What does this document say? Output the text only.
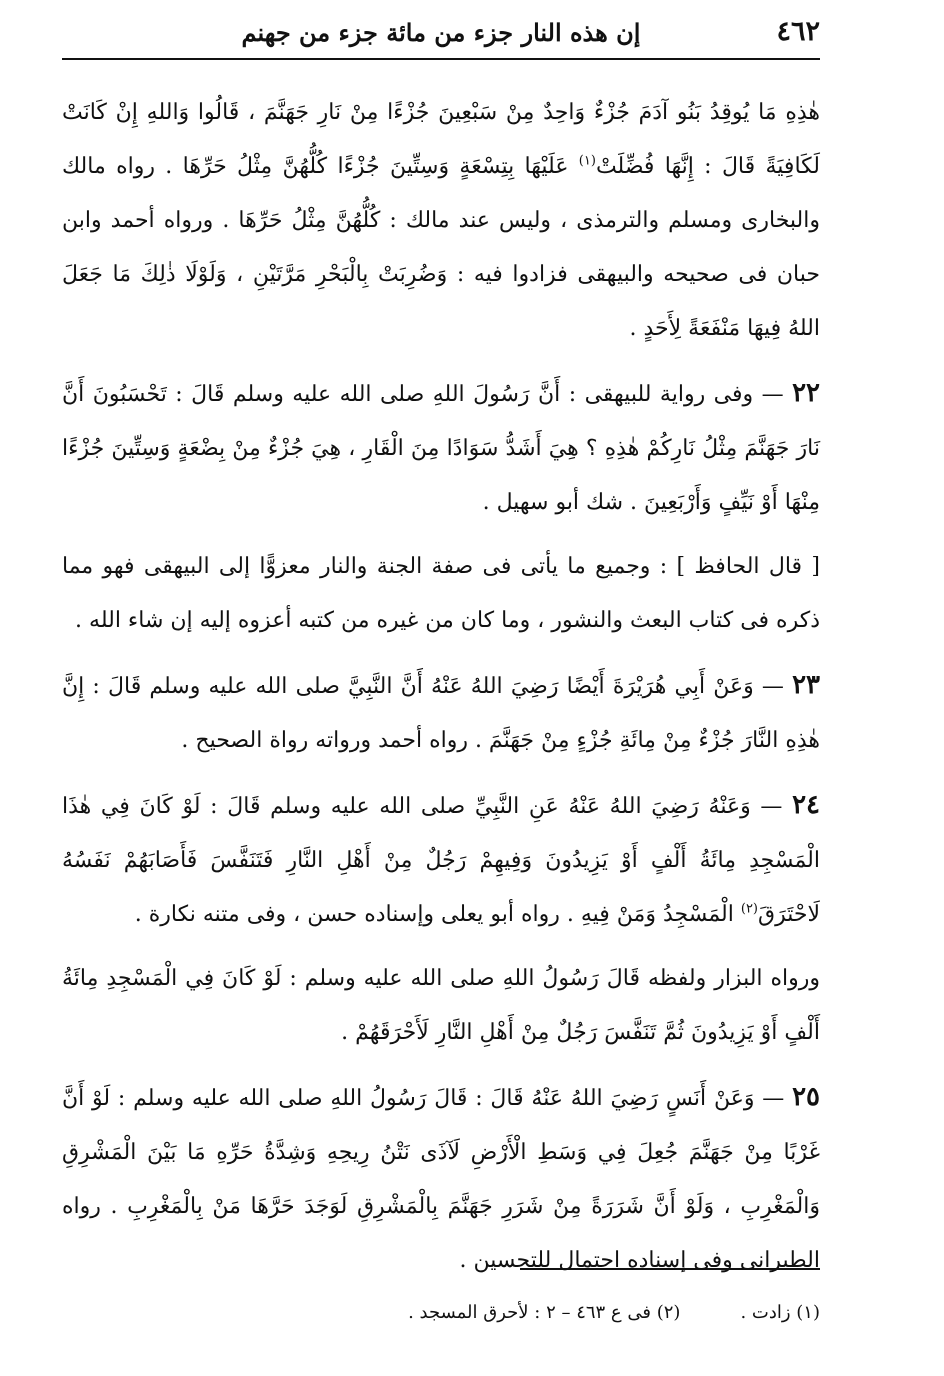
٤٦٢
إن هذه النار جزء من مائة جزء من جهنم

هٰذِهِ مَا يُوقِدُ بَنُو آدَمَ جُزْءٌ وَاحِدٌ مِنْ سَبْعِينَ جُزْءًا مِنْ نَارِ جَهَنَّمَ ، قَالُوا وَاللهِ إِنْ كَانَتْ لَكَافِيَةً قَالَ : إِنَّهَا فُضِّلَتْ$^{(١)}$ عَلَيْهَا بِتِسْعَةٍ وَسِتِّينَ جُزْءًا كُلُّهُنَّ مِثْلُ حَرِّهَا . رواه مالك والبخارى ومسلم والترمذى ، وليس عند مالك : كُلُّهُنَّ مِثْلُ حَرِّهَا . ورواه أحمد وابن حبان فى صحيحه والبيهقى فزادوا فيه : وَضُرِبَتْ بِالْبَحْرِ مَرَّتَيْنِ ، وَلَوْلَا ذٰلِكَ مَا جَعَلَ اللهُ فِيهَا مَنْفَعَةً لِأَحَدٍ .

٢٢ — وفى رواية للبيهقى : أَنَّ رَسُولَ اللهِ صلى الله عليه وسلم قَالَ : تَحْسَبُونَ أَنَّ نَارَ جَهَنَّمَ مِثْلُ نَارِكُمْ هٰذِهِ ؟ هِيَ أَشَدُّ سَوَادًا مِنَ الْقَارِ ، هِيَ جُزْءٌ مِنْ بِضْعَةٍ وَسِتِّينَ جُزْءًا مِنْهَا أَوْ نَيِّفٍ وَأَرْبَعِينَ . شك أبو سهيل .

[ قال الحافظ ] : وجميع ما يأتى فى صفة الجنة والنار معزوًّا إلى البيهقى فهو مما ذكره فى كتاب البعث والنشور ، وما كان من غيره من كتبه أعزوه إليه إن شاء الله .

٢٣ — وَعَنْ أَبِي هُرَيْرَةَ أَيْضًا رَضِيَ اللهُ عَنْهُ أَنَّ النَّبِيَّ صلى الله عليه وسلم قَالَ : إِنَّ هٰذِهِ النَّارَ جُزْءٌ مِنْ مِائَةِ جُزْءٍ مِنْ جَهَنَّمَ . رواه أحمد ورواته رواة الصحيح .

٢٤ — وَعَنْهُ رَضِيَ اللهُ عَنْهُ عَنِ النَّبِيِّ صلى الله عليه وسلم قَالَ : لَوْ كَانَ فِي هٰذَا الْمَسْجِدِ مِائَةُ أَلْفٍ أَوْ يَزِيدُونَ وَفِيهِمْ رَجُلٌ مِنْ أَهْلِ النَّارِ فَتَنَفَّسَ فَأَصَابَهُمْ نَفَسُهُ لَاحْتَرَقَ$^{(٢)}$ الْمَسْجِدُ وَمَنْ فِيهِ . رواه أبو يعلى وإسناده حسن ، وفى متنه نكارة .

ورواه البزار ولفظه قَالَ رَسُولُ اللهِ صلى الله عليه وسلم : لَوْ كَانَ فِي الْمَسْجِدِ مِائَةُ أَلْفٍ أَوْ يَزِيدُونَ ثُمَّ تَنَفَّسَ رَجُلٌ مِنْ أَهْلِ النَّارِ لَأَحْرَقَهُمْ .

٢٥ — وَعَنْ أَنَسٍ رَضِيَ اللهُ عَنْهُ قَالَ : قَالَ رَسُولُ اللهِ صلى الله عليه وسلم : لَوْ أَنَّ غَرْبًا مِنْ جَهَنَّمَ جُعِلَ فِي وَسَطِ الْأَرْضِ لَآذَى نَتْنُ رِيحِهِ وَشِدَّةُ حَرِّهِ مَا بَيْنَ الْمَشْرِقِ وَالْمَغْرِبِ ، وَلَوْ أَنَّ شَرَرَةً مِنْ شَرَرِ جَهَنَّمَ بِالْمَشْرِقِ لَوَجَدَ حَرَّهَا مَنْ بِالْمَغْرِبِ . رواه الطبرانى وفى إسناده احتمال للتحسين .

(١) زادت .
(٢) فى ع ٤٦٣ – ٢ : لأحرق المسجد .
